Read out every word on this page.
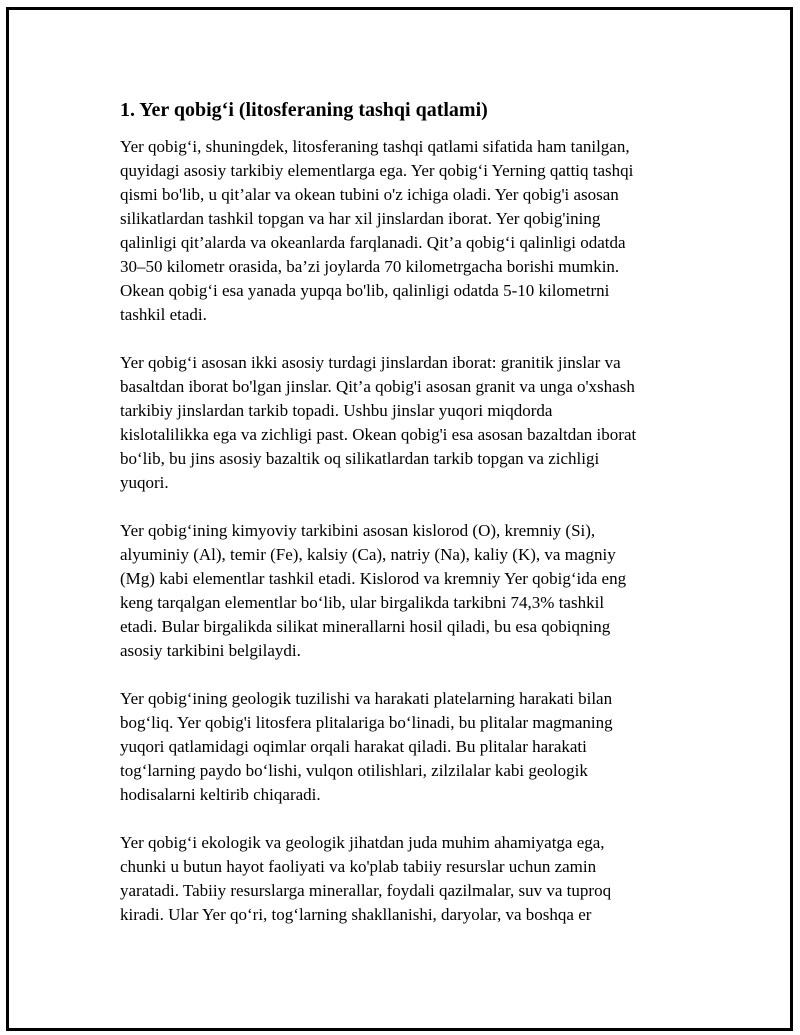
1. Yer qobig‘i (litosferaning tashqi qatlami)

Yer qobig‘i, shuningdek, litosferaning tashqi qatlami sifatida ham tanilgan,
quyidagi asosiy tarkibiy elementlarga ega. Yer qobig‘i Yerning qattiq tashqi
qismi bo'lib, u qit’alar va okean tubini o'z ichiga oladi. Yer qobig'i asosan
silikatlardan tashkil topgan va har xil jinslardan iborat. Yer qobig'ining
qalinligi qit’alarda va okeanlarda farqlanadi. Qit’a qobig‘i qalinligi odatda
30–50 kilometr orasida, ba’zi joylarda 70 kilometrgacha borishi mumkin.
Okean qobig‘i esa yanada yupqa bo'lib, qalinligi odatda 5-10 kilometrni
tashkil etadi.

Yer qobig‘i asosan ikki asosiy turdagi jinslardan iborat: granitik jinslar va
basaltdan iborat bo'lgan jinslar. Qit’a qobig'i asosan granit va unga o'xshash
tarkibiy jinslardan tarkib topadi. Ushbu jinslar yuqori miqdorda
kislotalilikka ega va zichligi past. Okean qobig'i esa asosan bazaltdan iborat
bo‘lib, bu jins asosiy bazaltik oq silikatlardan tarkib topgan va zichligi
yuqori.

Yer qobig‘ining kimyoviy tarkibini asosan kislorod (O), kremniy (Si),
alyuminiy (Al), temir (Fe), kalsiy (Ca), natriy (Na), kaliy (K), va magniy
(Mg) kabi elementlar tashkil etadi. Kislorod va kremniy Yer qobig‘ida eng
keng tarqalgan elementlar bo‘lib, ular birgalikda tarkibni 74,3% tashkil
etadi. Bular birgalikda silikat minerallarni hosil qiladi, bu esa qobiqning
asosiy tarkibini belgilaydi.

Yer qobig‘ining geologik tuzilishi va harakati platelarning harakati bilan
bog‘liq. Yer qobig'i litosfera plitalariga bo‘linadi, bu plitalar magmaning
yuqori qatlamidagi oqimlar orqali harakat qiladi. Bu plitalar harakati
tog‘larning paydo bo‘lishi, vulqon otilishlari, zilzilalar kabi geologik
hodisalarni keltirib chiqaradi.

Yer qobig‘i ekologik va geologik jihatdan juda muhim ahamiyatga ega,
chunki u butun hayot faoliyati va ko'plab tabiiy resurslar uchun zamin
yaratadi. Tabiiy resurslarga minerallar, foydali qazilmalar, suv va tuproq
kiradi. Ular Yer qo‘ri, tog‘larning shakllanishi, daryolar, va boshqa er
